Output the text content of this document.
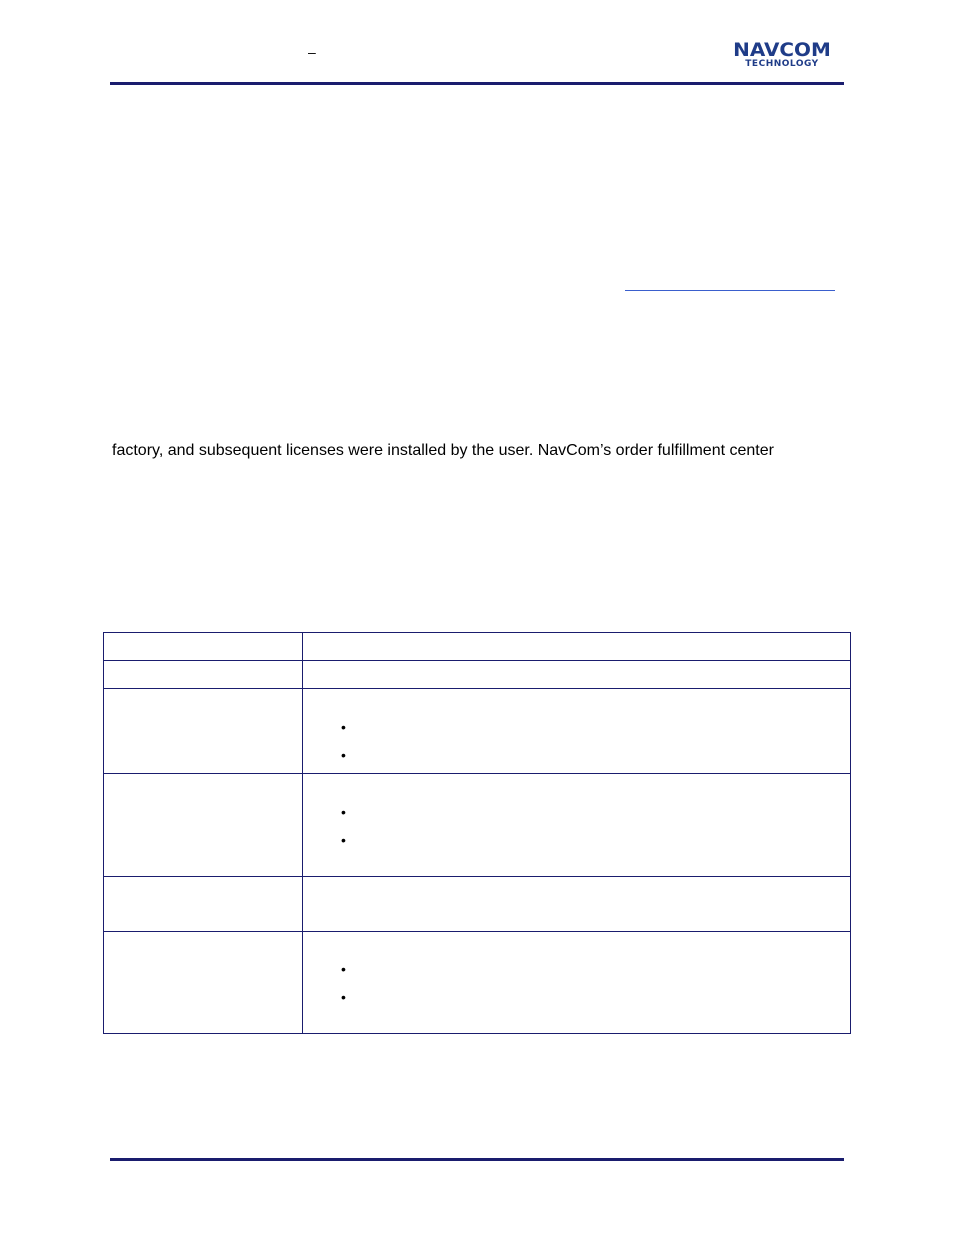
–	NAVCOM
TECHNOLOGY
factory, and subsequent licenses were installed by the user. NavCom’s order fulfillment center

	•
•

	•
•

	•
•
